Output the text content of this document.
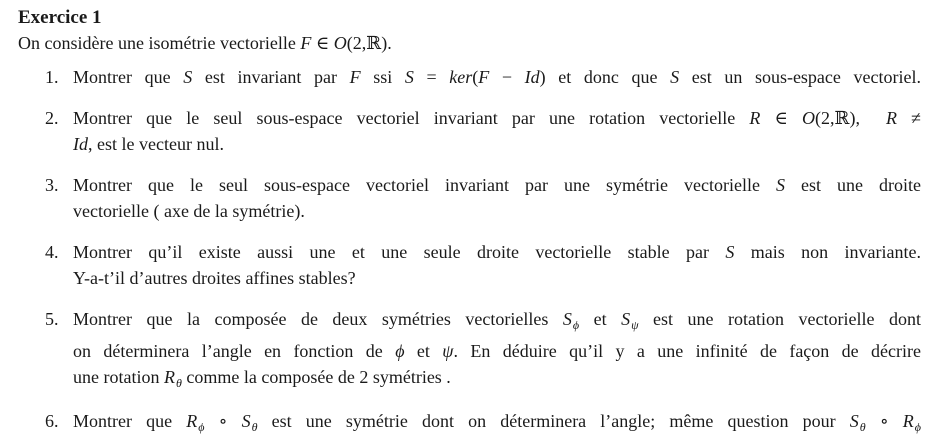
Exercice 1
On considère une isométrie vectorielle F ∈ O(2,ℝ).
1. Montrer que S est invariant par F ssi S = ker(F − Id) et donc que S est un sous-espace vectoriel.
2. Montrer que le seul sous-espace vectoriel invariant par une rotation vectorielle R ∈ O(2,ℝ), R ≠
Id, est le vecteur nul.
3. Montrer que le seul sous-espace vectoriel invariant par une symétrie vectorielle S est une droite
vectorielle ( axe de la symétrie).
4. Montrer qu’il existe aussi une et une seule droite vectorielle stable par S mais non invariante.
Y-a-t’il d’autres droites affines stables?
5. Montrer que la composée de deux symétries vectorielles $S_\phi$ et $S_\psi$ est une rotation vectorielle dont
on déterminera l’angle en fonction de ϕ et ψ. En déduire qu’il y a une infinité de façon de décrire
une rotation $R_\theta$ comme la composée de 2 symétries .
6. Montrer que $R_\phi$ ∘ $S_\theta$ est une symétrie dont on déterminera l’angle; même question pour $S_\theta$ ∘ $R_\phi$
